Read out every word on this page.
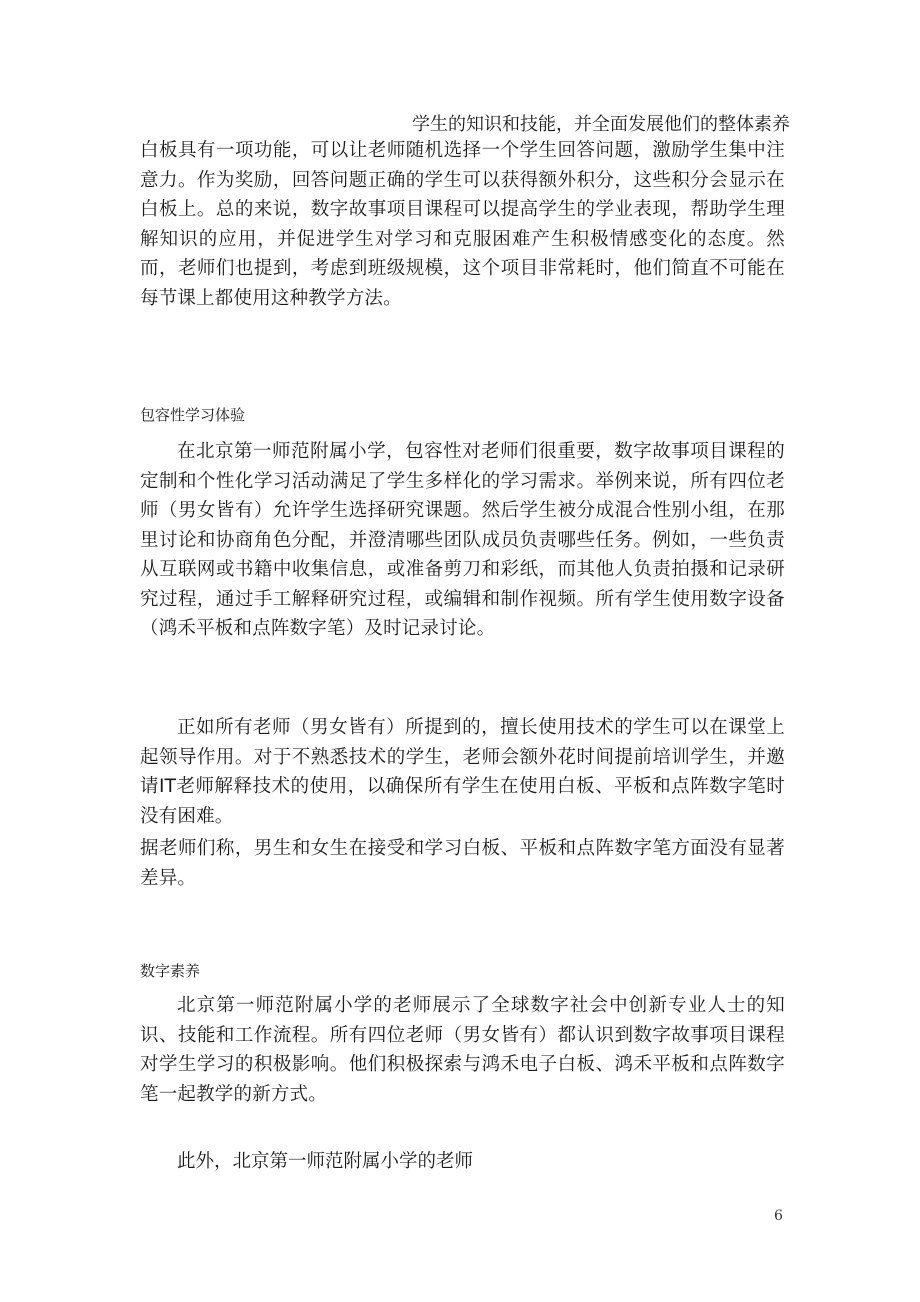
学生的知识和技能，并全面发展他们的整体素养

白板具有一项功能，可以让老师随机选择一个学生回答问题，激励学生集中注意力。作为奖励，回答问题正确的学生可以获得额外积分，这些积分会显示在白板上。总的来说，数字故事项目课程可以提高学生的学业表现，帮助学生理解知识的应用，并促进学生对学习和克服困难产生积极情感变化的态度。然而，老师们也提到，考虑到班级规模，这个项目非常耗时，他们简直不可能在每节课上都使用这种教学方法。

包容性学习体验

在北京第一师范附属小学，包容性对老师们很重要，数字故事项目课程的定制和个性化学习活动满足了学生多样化的学习需求。举例来说，所有四位老师（男女皆有）允许学生选择研究课题。然后学生被分成混合性别小组，在那里讨论和协商角色分配，并澄清哪些团队成员负责哪些任务。例如，一些负责从互联网或书籍中收集信息，或准备剪刀和彩纸，而其他人负责拍摄和记录研究过程，通过手工解释研究过程，或编辑和制作视频。所有学生使用数字设备（鸿禾平板和点阵数字笔）及时记录讨论。

正如所有老师（男女皆有）所提到的，擅长使用技术的学生可以在课堂上起领导作用。对于不熟悉技术的学生，老师会额外花时间提前培训学生，并邀请IT老师解释技术的使用，以确保所有学生在使用白板、平板和点阵数字笔时没有困难。

据老师们称，男生和女生在接受和学习白板、平板和点阵数字笔方面没有显著差异。

数字素养

北京第一师范附属小学的老师展示了全球数字社会中创新专业人士的知识、技能和工作流程。所有四位老师（男女皆有）都认识到数字故事项目课程对学生学习的积极影响。他们积极探索与鸿禾电子白板、鸿禾平板和点阵数字笔一起教学的新方式。

此外，北京第一师范附属小学的老师
6
